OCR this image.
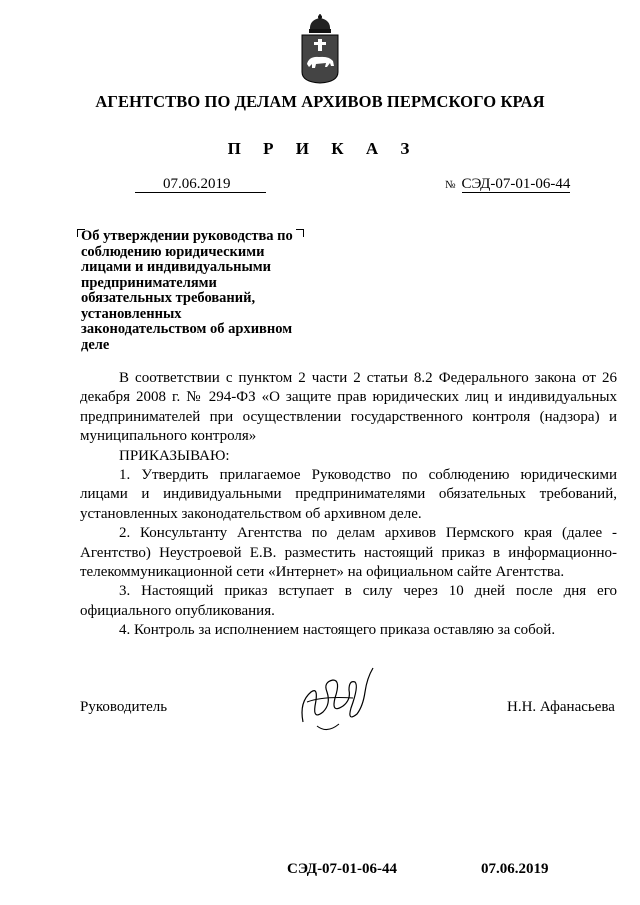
АГЕНТСТВО ПО ДЕЛАМ АРХИВОВ ПЕРМСКОГО КРАЯ
П Р И К А З
07.06.2019	№ СЭД-07-01-06-44
Об утверждении руководства по соблюдению юридическими лицами и индивидуальными предпринимателями обязательных требований, установленных законодательством об архивном деле

В соответствии с пунктом 2 части 2 статьи 8.2 Федерального закона от 26 декабря 2008 г. № 294-ФЗ «О защите прав юридических лиц и индивидуальных предпринимателей при осуществлении государственного контроля (надзора) и муниципального контроля»

ПРИКАЗЫВАЮ:

1. Утвердить прилагаемое Руководство по соблюдению юридическими лицами и индивидуальными предпринимателями обязательных требований, установленных законодательством об архивном деле.

2. Консультанту Агентства по делам архивов Пермского края (далее - Агентство) Неустроевой Е.В. разместить настоящий приказ в информационно-телекоммуникационной сети «Интернет» на официальном сайте Агентства.

3. Настоящий приказ вступает в силу через 10 дней после дня его официального опубликования.

4. Контроль за исполнением настоящего приказа оставляю за собой.

Руководитель	Н.Н. Афанасьева
СЭД-07-01-06-44	07.06.2019
